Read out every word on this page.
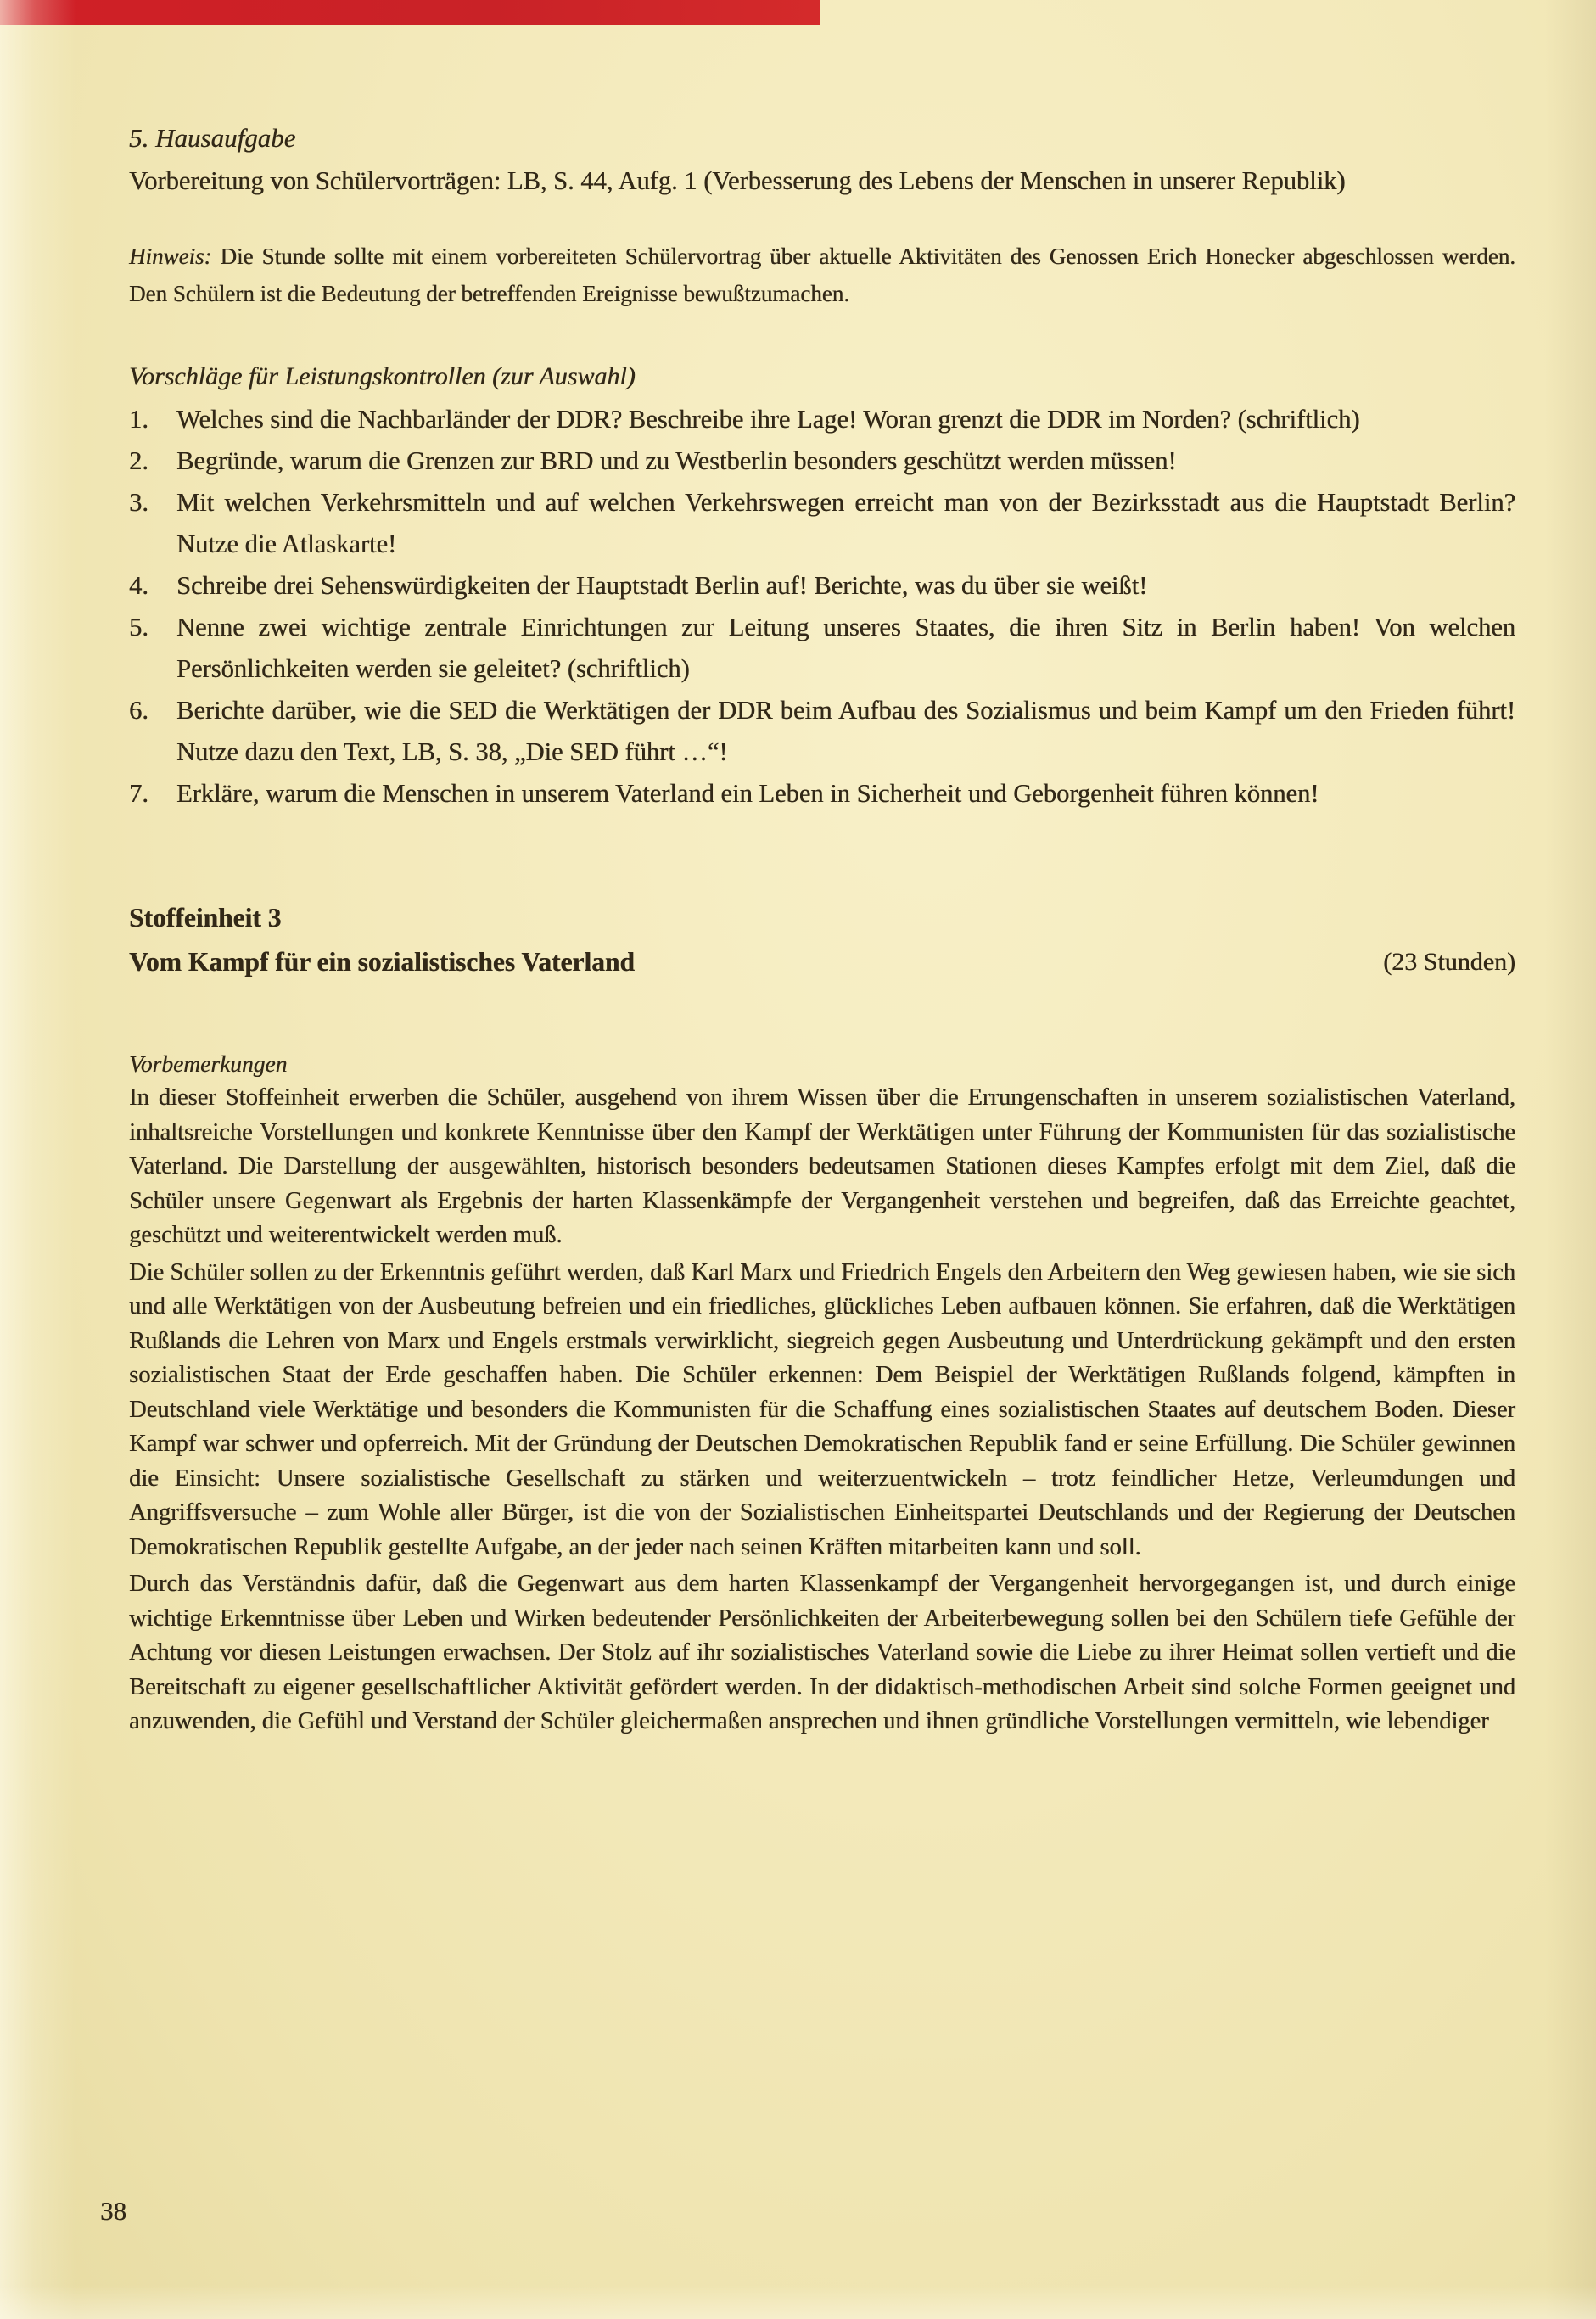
5. Hausaufgabe
Vorbereitung von Schülervorträgen: LB, S. 44, Aufg. 1 (Verbesserung des Lebens der Menschen in unserer Republik)
Hinweis: Die Stunde sollte mit einem vorbereiteten Schülervortrag über aktuelle Aktivitäten des Genossen Erich Honecker abgeschlossen werden. Den Schülern ist die Bedeutung der betreffenden Ereignisse bewußtzumachen.
Vorschläge für Leistungskontrollen (zur Auswahl)
Welches sind die Nachbarländer der DDR? Beschreibe ihre Lage! Woran grenzt die DDR im Norden? (schriftlich)
Begründe, warum die Grenzen zur BRD und zu Westberlin besonders geschützt werden müssen!
Mit welchen Verkehrsmitteln und auf welchen Verkehrswegen erreicht man von der Bezirksstadt aus die Hauptstadt Berlin? Nutze die Atlaskarte!
Schreibe drei Sehenswürdigkeiten der Hauptstadt Berlin auf! Berichte, was du über sie weißt!
Nenne zwei wichtige zentrale Einrichtungen zur Leitung unseres Staates, die ihren Sitz in Berlin haben! Von welchen Persönlichkeiten werden sie geleitet? (schriftlich)
Berichte darüber, wie die SED die Werktätigen der DDR beim Aufbau des Sozialismus und beim Kampf um den Frieden führt! Nutze dazu den Text, LB, S. 38, „Die SED führt …“!
Erkläre, warum die Menschen in unserem Vaterland ein Leben in Sicherheit und Geborgenheit führen können!
Stoffeinheit 3
Vom Kampf für ein sozialistisches Vaterland	(23 Stunden)
Vorbemerkungen

In dieser Stoffeinheit erwerben die Schüler, ausgehend von ihrem Wissen über die Errungenschaften in unserem sozialistischen Vaterland, inhaltsreiche Vorstellungen und konkrete Kenntnisse über den Kampf der Werktätigen unter Führung der Kommunisten für das sozialistische Vaterland. Die Darstellung der ausgewählten, historisch besonders bedeutsamen Stationen dieses Kampfes erfolgt mit dem Ziel, daß die Schüler unsere Gegenwart als Ergebnis der harten Klassenkämpfe der Vergangenheit verstehen und begreifen, daß das Erreichte geachtet, geschützt und weiterentwickelt werden muß.

Die Schüler sollen zu der Erkenntnis geführt werden, daß Karl Marx und Friedrich Engels den Arbeitern den Weg gewiesen haben, wie sie sich und alle Werktätigen von der Ausbeutung befreien und ein friedliches, glückliches Leben aufbauen können. Sie erfahren, daß die Werktätigen Rußlands die Lehren von Marx und Engels erstmals verwirklicht, siegreich gegen Ausbeutung und Unterdrückung gekämpft und den ersten sozialistischen Staat der Erde geschaffen haben. Die Schüler erkennen: Dem Beispiel der Werktätigen Rußlands folgend, kämpften in Deutschland viele Werktätige und besonders die Kommunisten für die Schaffung eines sozialistischen Staates auf deutschem Boden. Dieser Kampf war schwer und opferreich. Mit der Gründung der Deutschen Demokratischen Republik fand er seine Erfüllung. Die Schüler gewinnen die Einsicht: Unsere sozialistische Gesellschaft zu stärken und weiterzuentwickeln – trotz feindlicher Hetze, Verleumdungen und Angriffsversuche – zum Wohle aller Bürger, ist die von der Sozialistischen Einheitspartei Deutschlands und der Regierung der Deutschen Demokratischen Republik gestellte Aufgabe, an der jeder nach seinen Kräften mitarbeiten kann und soll.

Durch das Verständnis dafür, daß die Gegenwart aus dem harten Klassenkampf der Vergangenheit hervorgegangen ist, und durch einige wichtige Erkenntnisse über Leben und Wirken bedeutender Persönlichkeiten der Arbeiterbewegung sollen bei den Schülern tiefe Gefühle der Achtung vor diesen Leistungen erwachsen. Der Stolz auf ihr sozialistisches Vaterland sowie die Liebe zu ihrer Heimat sollen vertieft und die Bereitschaft zu eigener gesellschaftlicher Aktivität gefördert werden. In der didaktisch-methodischen Arbeit sind solche Formen geeignet und anzuwenden, die Gefühl und Verstand der Schüler gleichermaßen ansprechen und ihnen gründliche Vorstellungen vermitteln, wie lebendiger

38
